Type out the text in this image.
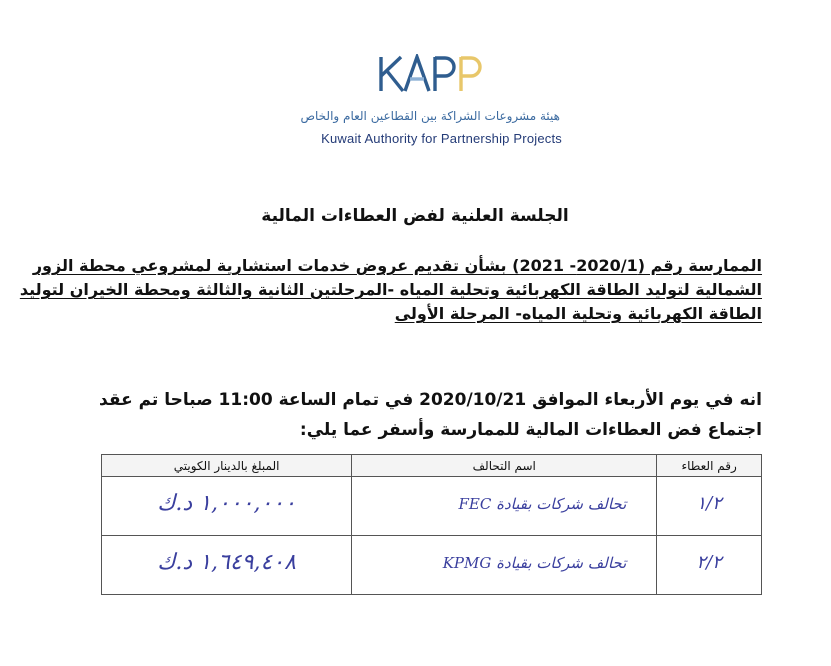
هيئة مشروعات الشراكة بين القطاعين العام والخاص
Kuwait Authority for Partnership Projects
الجلسة العلنية لفض العطاءات المالية
الممارسة رقم (2020/1- 2021) بشأن تقديم عروض خدمات استشارية لمشروعي محطة الزور
الشمالية لتوليد الطاقة الكهربائية وتحلية المياه -المرحلتين الثانية والثالثة ومحطة الخيران لتوليد
الطاقة الكهربائية وتحلية المياه- المرحلة الأولى
انه في يوم الأربعاء الموافق 2020/10/21 في تمام الساعة 11:00 صباحا تم عقد
اجتماع فض العطاءات المالية للممارسة وأسفر عما يلي:
رقم العطاء	اسم التحالف	المبلغ بالدينار الكويتي

١/٢	تحالف شركات بقيادة FEC	١,٠٠٠,٠٠٠ د.ك

٢/٢	تحالف شركات بقيادة KPMG	١,٦٤٩,٤٠٨ د.ك
